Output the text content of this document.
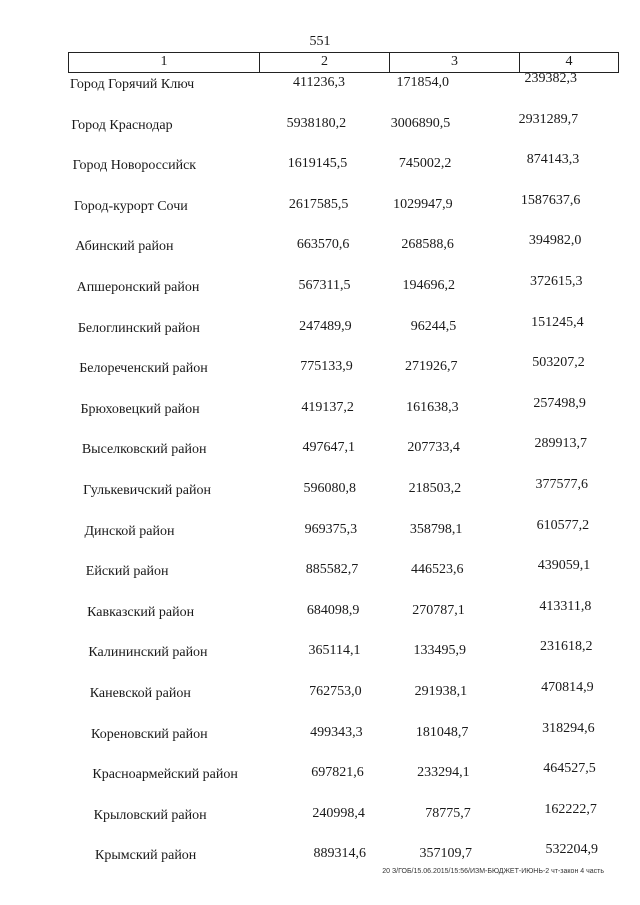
551
1	2	3	4
Город Горячий Ключ	411236,3	171854,0	239382,3
Город Краснодар	5938180,2	3006890,5	2931289,7
Город Новороссийск	1619145,5	745002,2	874143,3
Город-курорт Сочи	2617585,5	1029947,9	1587637,6
Абинский район	663570,6	268588,6	394982,0
Апшеронский район	567311,5	194696,2	372615,3
Белоглинский район	247489,9	96244,5	151245,4
Белореченский район	775133,9	271926,7	503207,2
Брюховецкий район	419137,2	161638,3	257498,9
Выселковский район	497647,1	207733,4	289913,7
Гулькевичский район	596080,8	218503,2	377577,6
Динской район	969375,3	358798,1	610577,2
Ейский район	885582,7	446523,6	439059,1
Кавказский район	684098,9	270787,1	413311,8
Калининский район	365114,1	133495,9	231618,2
Каневской район	762753,0	291938,1	470814,9
Кореновский район	499343,3	181048,7	318294,6
Красноармейский район	697821,6	233294,1	464527,5
Крыловский район	240998,4	78775,7	162222,7
Крымский район	889314,6	357109,7	532204,9
20 З/ГОБ/15.06.2015/15:56/ИЗМ-БЮДЖЕТ-ИЮНЬ-2 чт-закон 4 часть
